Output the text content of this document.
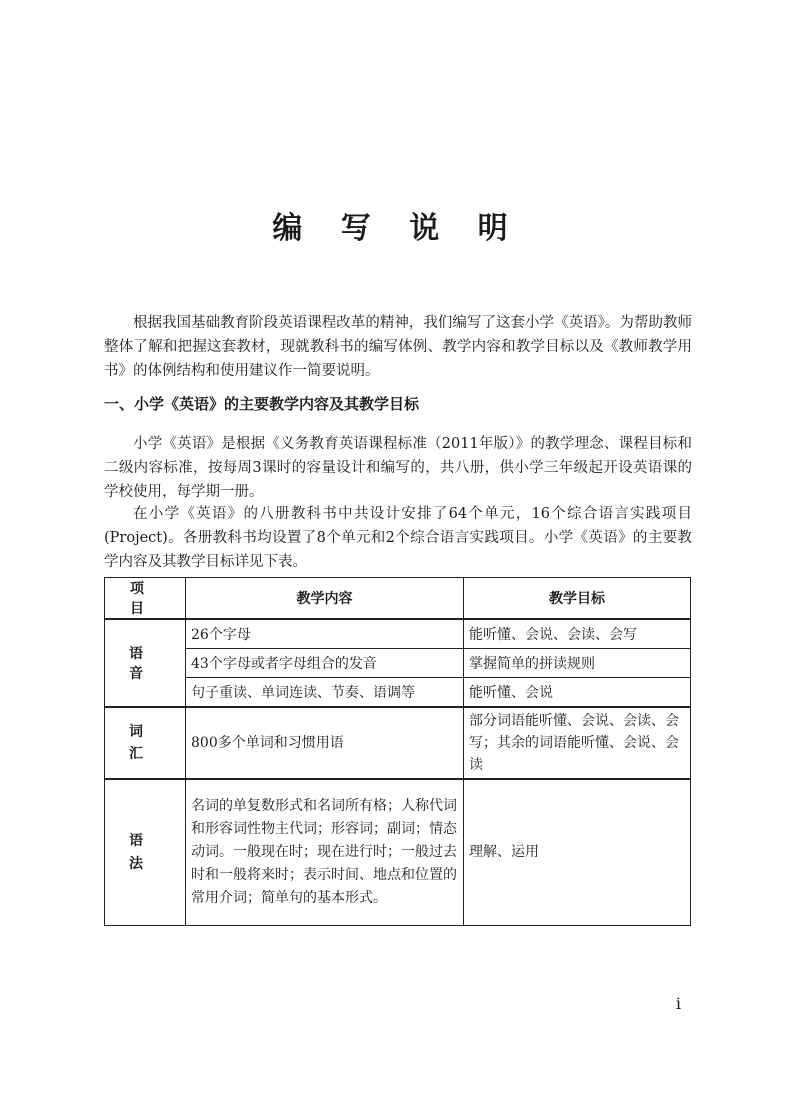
编 写 说 明

根据我国基础教育阶段英语课程改革的精神，我们编写了这套小学《英语》。为帮助教师整体了解和把握这套教材，现就教科书的编写体例、教学内容和教学目标以及《教师教学用书》的体例结构和使用建议作一简要说明。

一、小学《英语》的主要教学内容及其教学目标

小学《英语》是根据《义务教育英语课程标准（2011年版）》的教学理念、课程目标和二级内容标准，按每周3课时的容量设计和编写的，共八册，供小学三年级起开设英语课的学校使用，每学期一册。

在小学《英语》的八册教科书中共设计安排了64个单元，16个综合语言实践项目(Project)。各册教科书均设置了8个单元和2个综合语言实践项目。小学《英语》的主要教学内容及其教学目标详见下表。

项 目	教学内容	教学目标
语 音	26个字母	能听懂、会说、会读、会写
	43个字母或者字母组合的发音	掌握简单的拼读规则
	句子重读、单词连读、节奏、语调等	能听懂、会说
词 汇	800多个单词和习惯用语	部分词语能听懂、会说、会读、会写；其余的词语能听懂、会说、会读
语 法	名词的单复数形式和名词所有格；人称代词和形容词性物主代词；形容词；副词；情态动词。一般现在时；现在进行时；一般过去时和一般将来时；表示时间、地点和位置的常用介词；简单句的基本形式。	理解、运用
i
